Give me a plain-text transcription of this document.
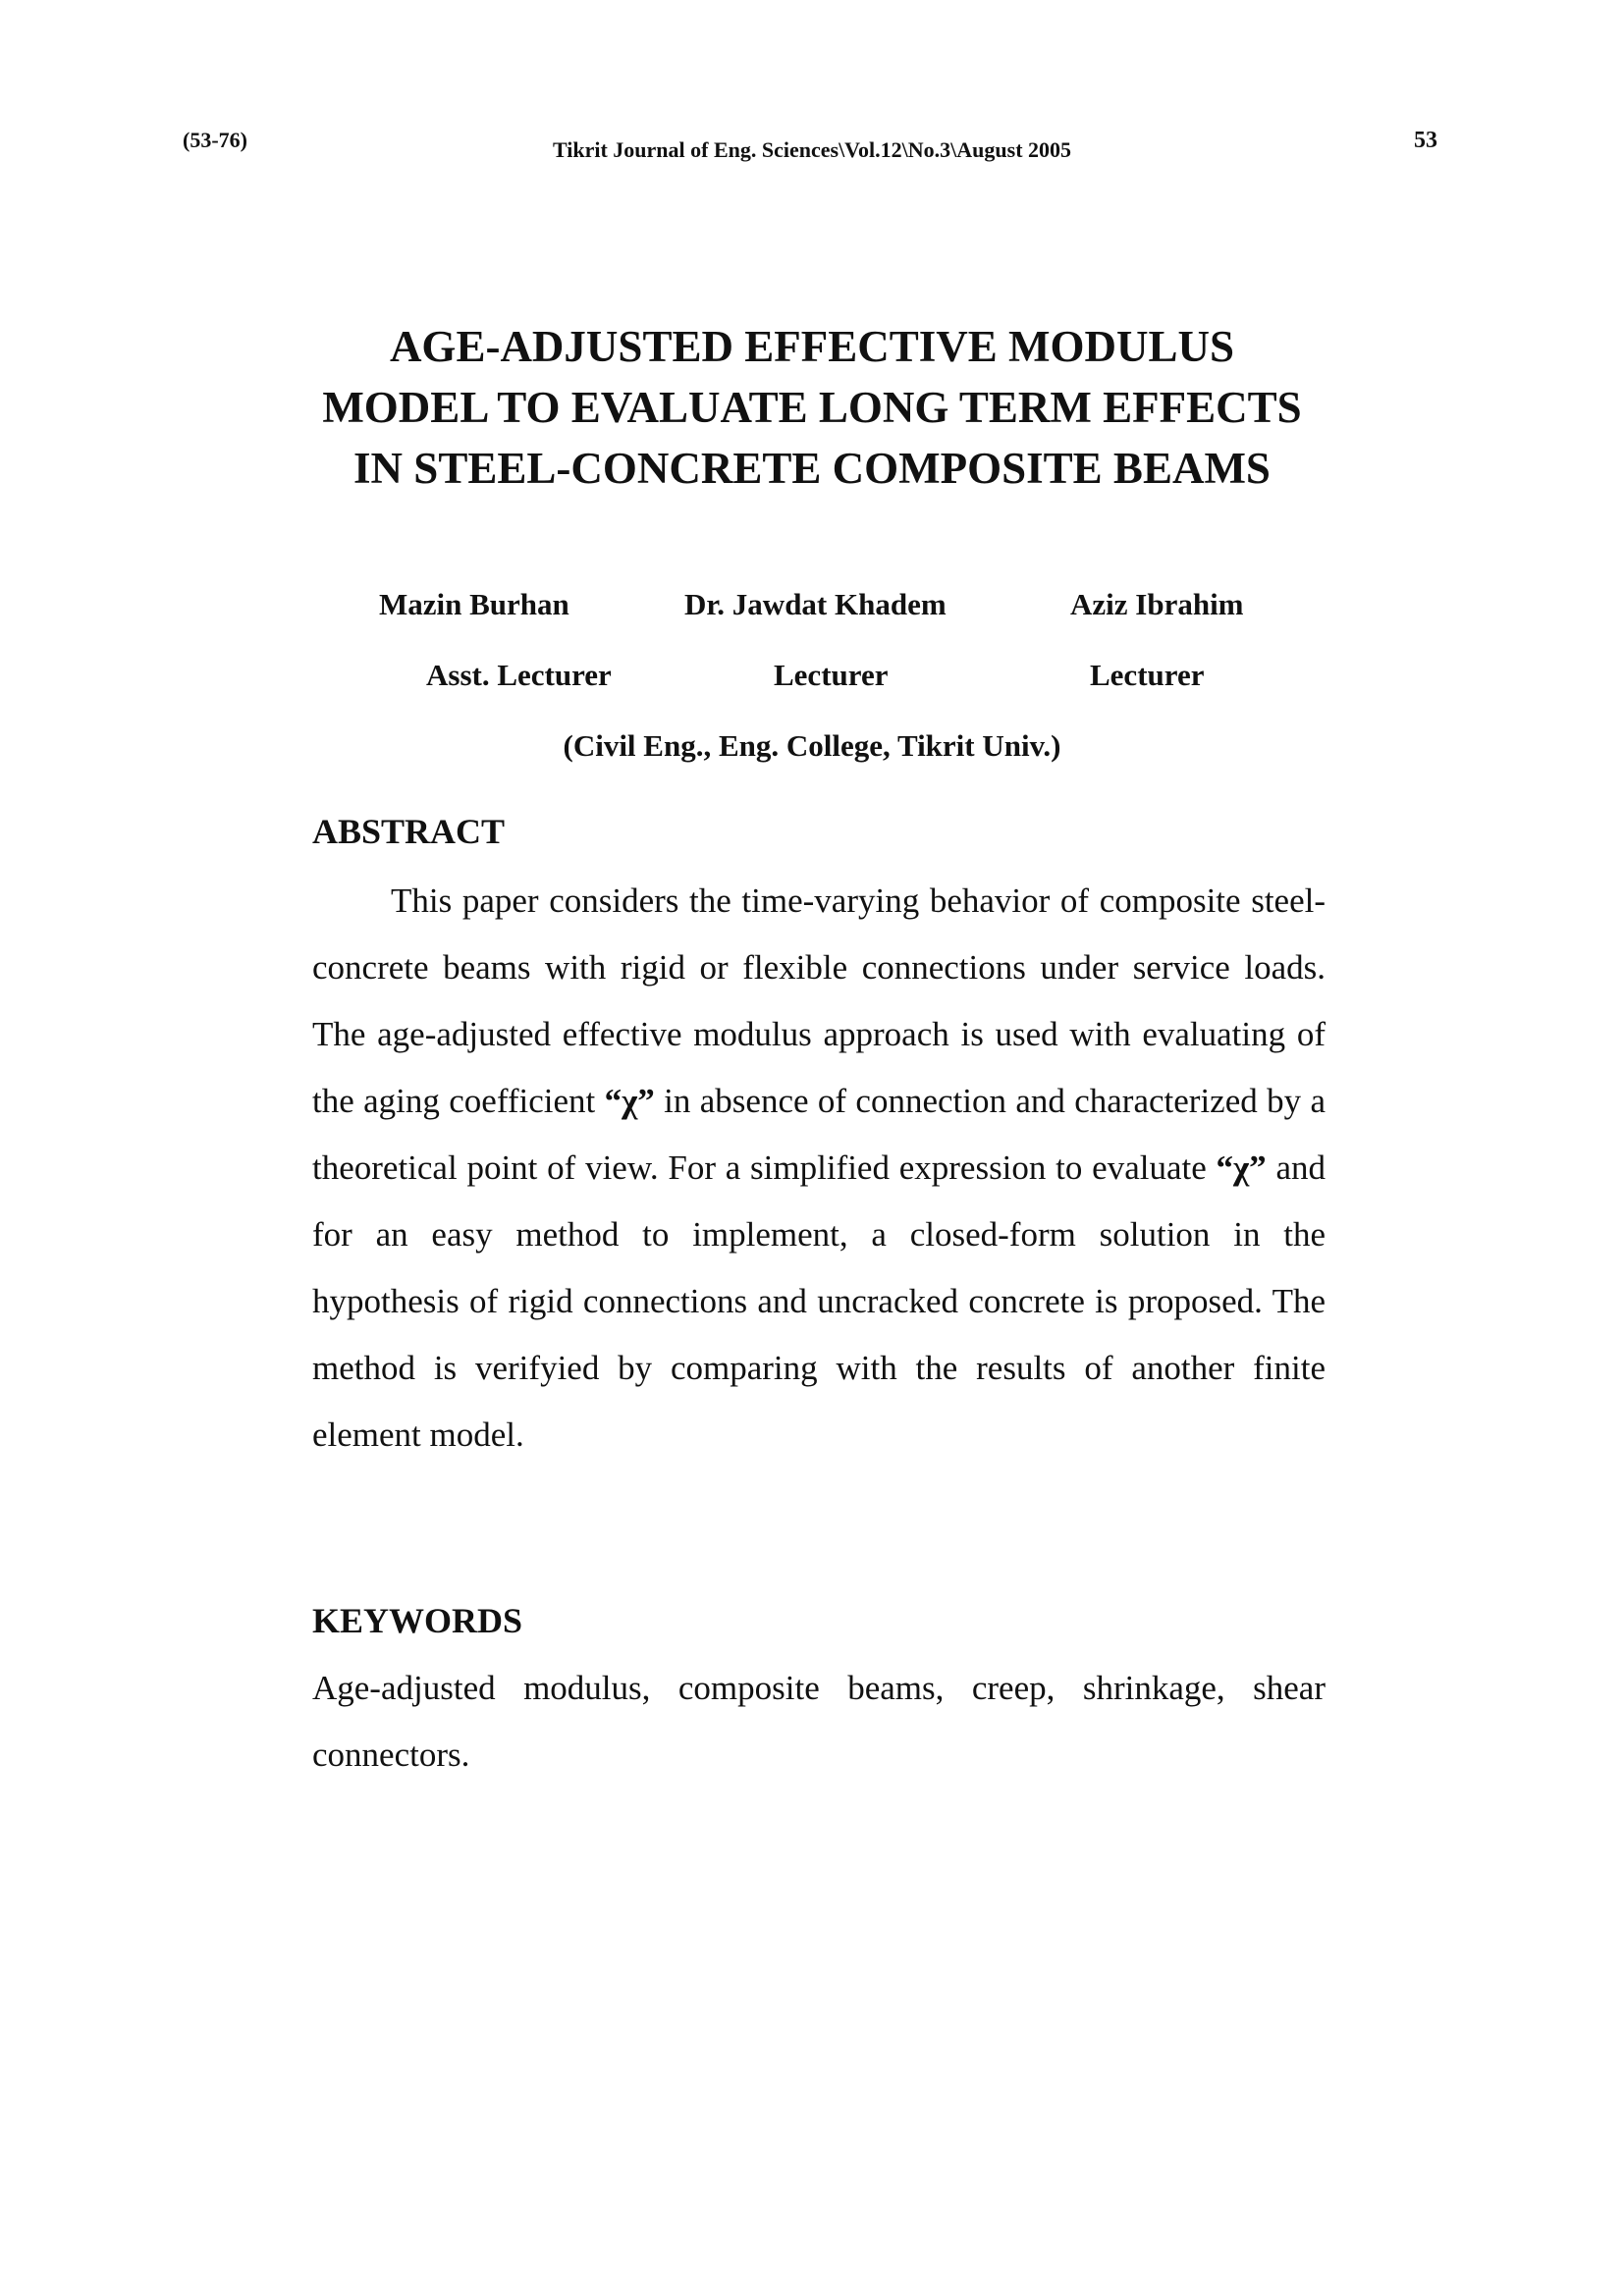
(53-76)	Tikrit Journal of Eng. Sciences\Vol.12\No.3\August 2005	53
AGE-ADJUSTED EFFECTIVE MODULUS
MODEL TO EVALUATE LONG TERM EFFECTS
IN STEEL-CONCRETE COMPOSITE BEAMS
Mazin Burhan	Dr. Jawdat Khadem	Aziz Ibrahim
Asst. Lecturer	Lecturer	Lecturer
(Civil Eng., Eng. College, Tikrit Univ.)
ABSTRACT

This paper considers the time-varying behavior of composite steel-concrete beams with rigid or flexible connections under service loads. The age-adjusted effective modulus approach is used with evaluating of the aging coefficient “χ” in absence of connection and characterized by a theoretical point of view. For a simplified expression to evaluate “χ” and for an easy method to implement, a closed-form solution in the hypothesis of rigid connections and uncracked concrete is proposed. The method is verifyied by comparing with the results of another finite element model.

KEYWORDS

Age-adjusted modulus, composite beams, creep, shrinkage, shear connectors.
